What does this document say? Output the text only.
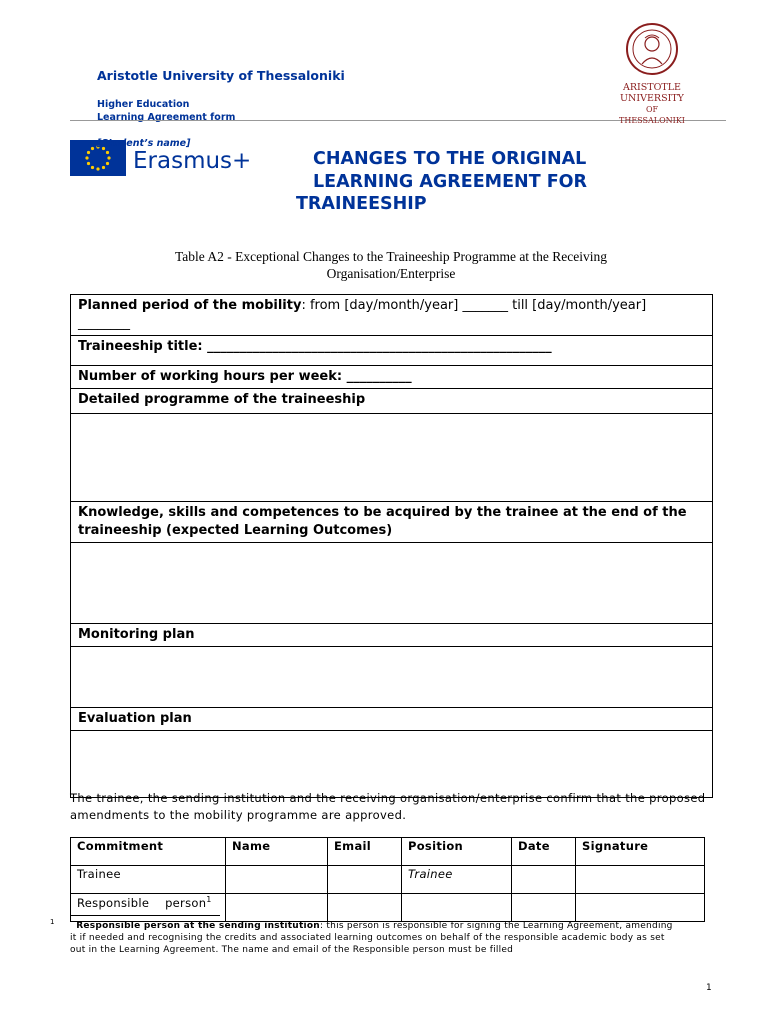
Aristotle University of Thessaloniki
Higher Education
Learning Agreement form
ARISTOTLE
UNIVERSITY
OF THESSALONIKI
[Student’s name]
Erasmus+	CHANGES TO THE ORIGINAL
LEARNING AGREEMENT FOR
TRAINEESHIP
Table A2 - Exceptional Changes to the Traineeship Programme at the Receiving
Organisation/Enterprise
Planned period of the mobility: from [day/month/year] _______ till [day/month/year]
________
Traineeship title: _____________________________________________________
Number of working hours per week: __________
Detailed programme of the traineeship

Knowledge, skills and competences to be acquired by the trainee at the end of the traineeship (expected Learning Outcomes)

Monitoring plan

Evaluation plan

The trainee, the sending institution and the receiving organisation/enterprise confirm that the proposed amendments to the mobility programme are approved.
Commitment	Name	Email	Position	Date	Signature
Trainee			Trainee		
Responsible person$^1$					
1	Responsible person at the sending institution: this person is responsible for signing the Learning Agreement, amending it if needed and recognising the credits and associated learning outcomes on behalf of the responsible academic body as set out in the Learning Agreement. The name and email of the Responsible person must be filled
1
